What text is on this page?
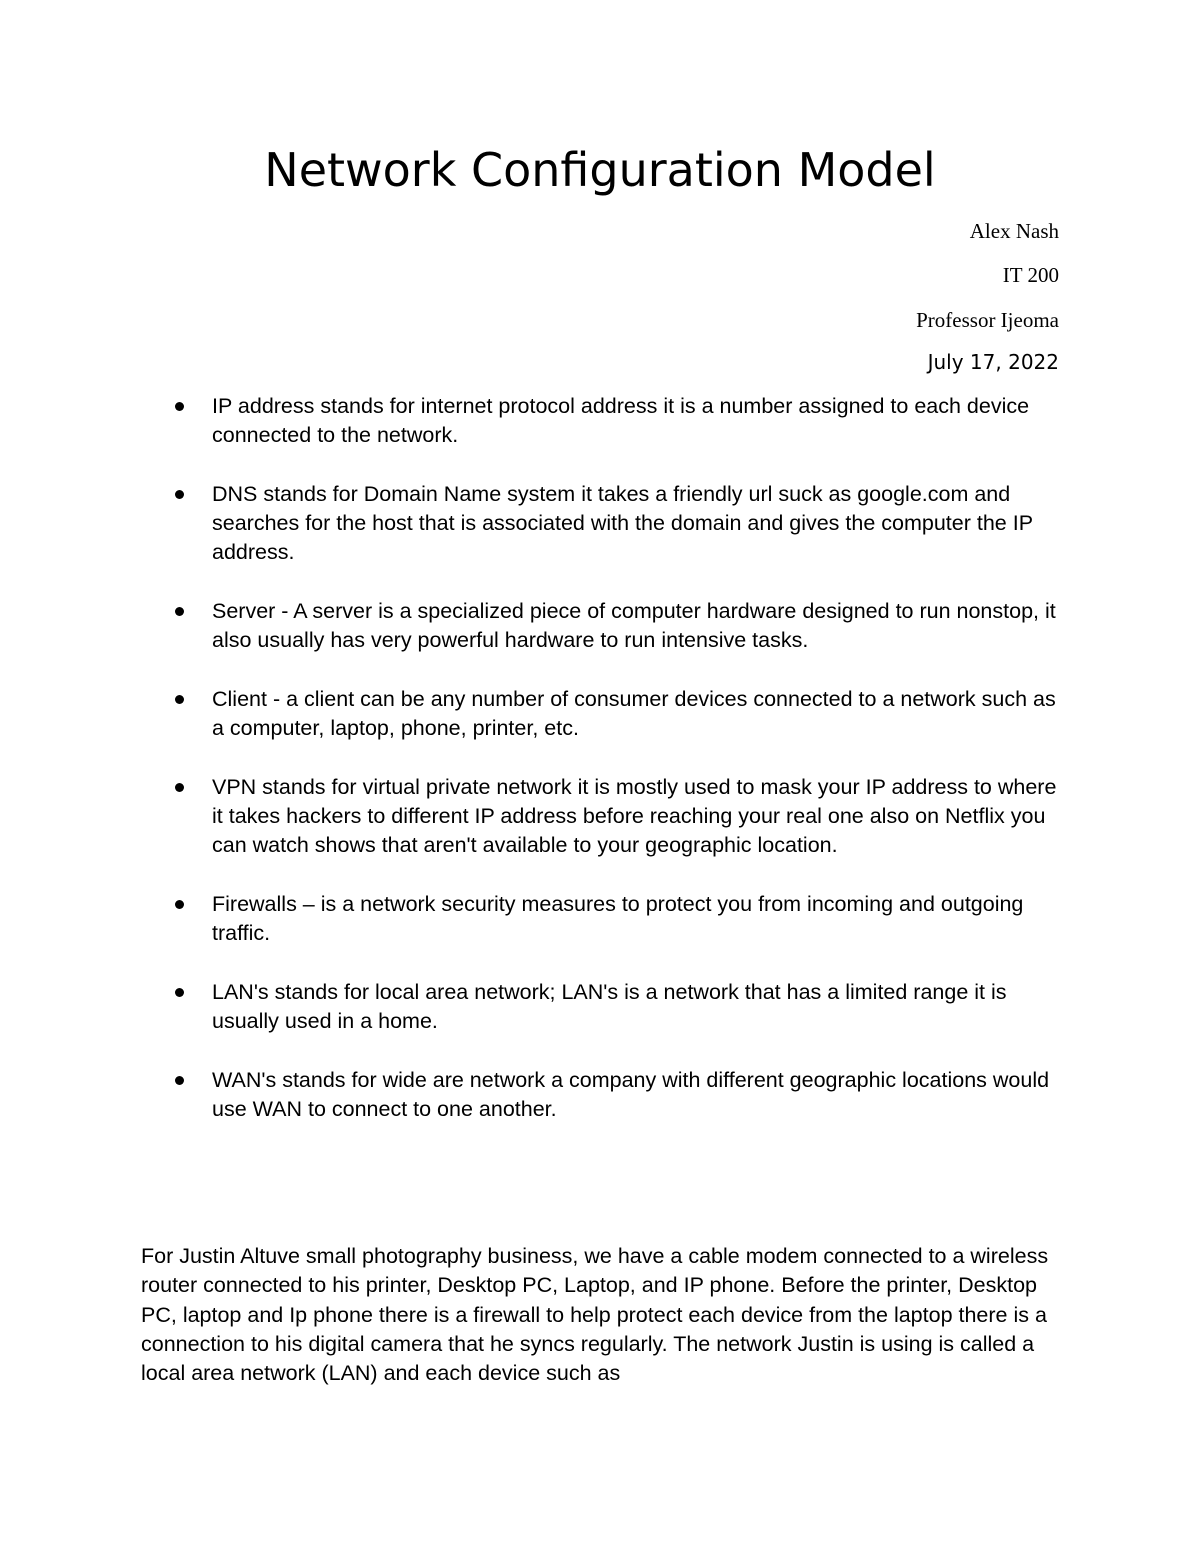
Network Configuration Model
Alex Nash
IT 200
Professor Ijeoma
July 17, 2022
IP address stands for internet protocol address it is a number assigned to each device connected to the network.
DNS stands for Domain Name system it takes a friendly url suck as google.com and searches for the host that is associated with the domain and gives the computer the IP address.
Server - A server is a specialized piece of computer hardware designed to run nonstop, it also usually has very powerful hardware to run intensive tasks.
Client - a client can be any number of consumer devices connected to a network such as a computer, laptop, phone, printer, etc.
VPN stands for virtual private network it is mostly used to mask your IP address to where it takes hackers to different IP address before reaching your real one also on Netflix you can watch shows that aren't available to your geographic location.
Firewalls – is a network security measures to protect you from incoming and outgoing traffic.
LAN's stands for local area network; LAN's is a network that has a limited range it is usually used in a home.
WAN's stands for wide are network a company with different geographic locations would use WAN to connect to one another.

For Justin Altuve small photography business, we have a cable modem connected to a wireless router connected to his printer, Desktop PC, Laptop, and IP phone. Before the printer, Desktop PC, laptop and Ip phone there is a firewall to help protect each device from the laptop there is a connection to his digital camera that he syncs regularly. The network Justin is using is called a local area network (LAN) and each device such as
